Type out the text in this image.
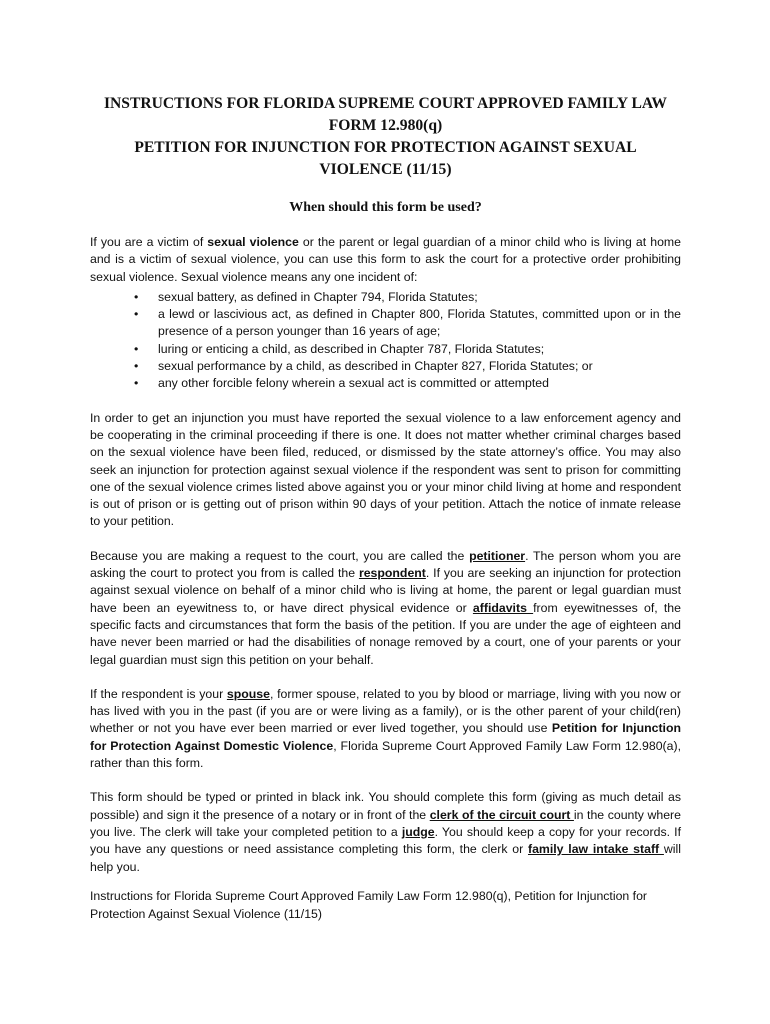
INSTRUCTIONS FOR FLORIDA SUPREME COURT APPROVED FAMILY LAW
FORM 12.980(q)
PETITION FOR INJUNCTION FOR PROTECTION AGAINST SEXUAL
VIOLENCE (11/15)
When should this form be used?

If you are a victim of sexual violence or the parent or legal guardian of a minor child who is living at home and is a victim of sexual violence, you can use this form to ask the court for a protective order prohibiting sexual violence. Sexual violence means any one incident of:

• sexual battery, as defined in Chapter 794, Florida Statutes;
• a lewd or lascivious act, as defined in Chapter 800, Florida Statutes, committed upon or in the presence of a person younger than 16 years of age;
• luring or enticing a child, as described in Chapter 787, Florida Statutes;
• sexual performance by a child, as described in Chapter 827, Florida Statutes; or
• any other forcible felony wherein a sexual act is committed or attempted

In order to get an injunction you must have reported the sexual violence to a law enforcement agency and be cooperating in the criminal proceeding if there is one. It does not matter whether criminal charges based on the sexual violence have been filed, reduced, or dismissed by the state attorney’s office. You may also seek an injunction for protection against sexual violence if the respondent was sent to prison for committing one of the sexual violence crimes listed above against you or your minor child living at home and respondent is out of prison or is getting out of prison within 90 days of your petition. Attach the notice of inmate release to your petition.

Because you are making a request to the court, you are called the petitioner. The person whom you are asking the court to protect you from is called the respondent. If you are seeking an injunction for protection against sexual violence on behalf of a minor child who is living at home, the parent or legal guardian must have been an eyewitness to, or have direct physical evidence or affidavits from eyewitnesses of, the specific facts and circumstances that form the basis of the petition. If you are under the age of eighteen and have never been married or had the disabilities of nonage removed by a court, one of your parents or your legal guardian must sign this petition on your behalf.

If the respondent is your spouse, former spouse, related to you by blood or marriage, living with you now or has lived with you in the past (if you are or were living as a family), or is the other parent of your child(ren) whether or not you have ever been married or ever lived together, you should use Petition for Injunction for Protection Against Domestic Violence, Florida Supreme Court Approved Family Law Form 12.980(a), rather than this form.

This form should be typed or printed in black ink. You should complete this form (giving as much detail as possible) and sign it the presence of a notary or in front of the clerk of the circuit court in the county where you live. The clerk will take your completed petition to a judge. You should keep a copy for your records. If you have any questions or need assistance completing this form, the clerk or family law intake staff will help you.

Instructions for Florida Supreme Court Approved Family Law Form 12.980(q), Petition for Injunction for
Protection Against Sexual Violence (11/15)
